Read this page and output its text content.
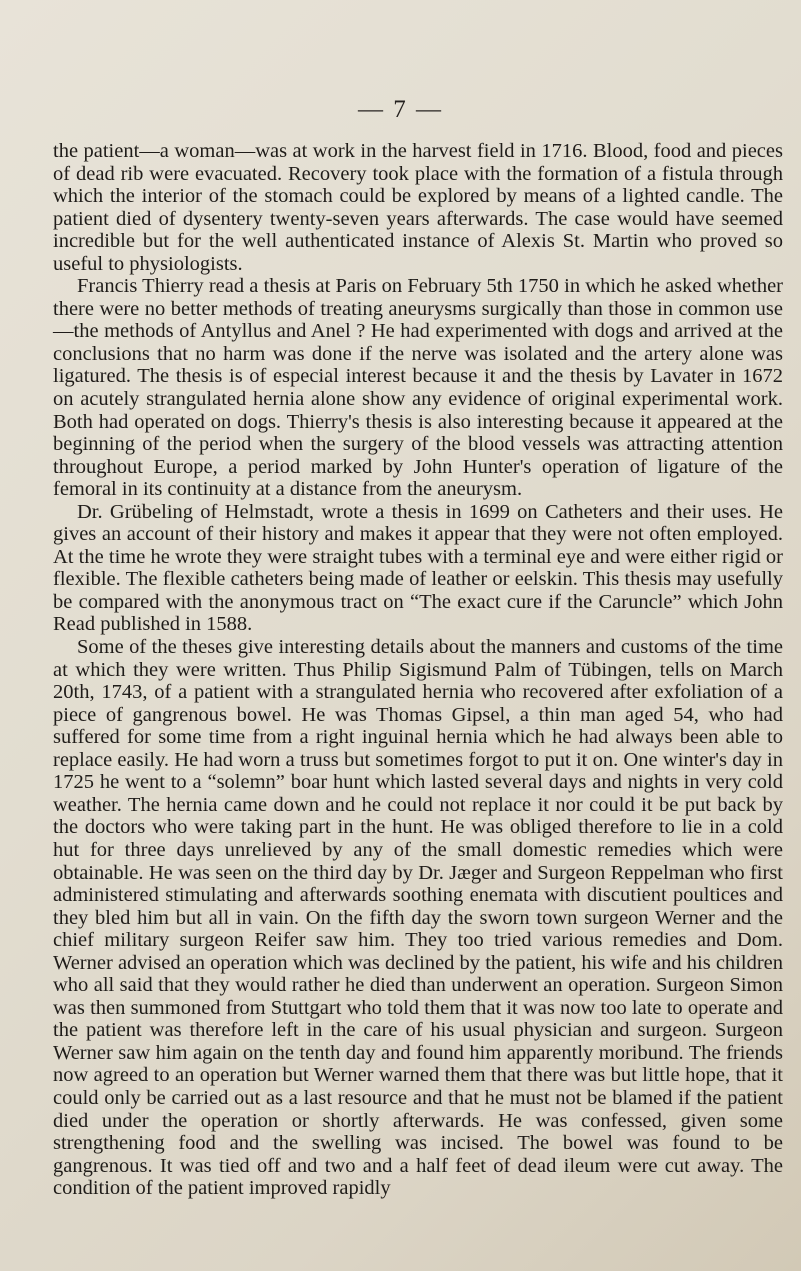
— 7 —

the patient—a woman—was at work in the harvest field in 1716. Blood, food and pieces of dead rib were evacuated. Recovery took place with the formation of a fistula through which the interior of the stomach could be explored by means of a lighted candle. The patient died of dysentery twenty-seven years afterwards. The case would have seemed incredible but for the well authenticated instance of Alexis St. Martin who proved so useful to physiologists.

Francis Thierry read a thesis at Paris on February 5th 1750 in which he asked whether there were no better methods of treating aneurysms surgically than those in common use—the methods of Antyllus and Anel ? He had experimented with dogs and arrived at the conclusions that no harm was done if the nerve was isolated and the artery alone was ligatured. The thesis is of especial interest because it and the thesis by Lavater in 1672 on acutely strangulated hernia alone show any evidence of original experimental work. Both had operated on dogs. Thierry's thesis is also interesting because it appeared at the beginning of the period when the surgery of the blood vessels was attracting attention throughout Europe, a period marked by John Hunter's operation of ligature of the femoral in its continuity at a distance from the aneurysm.

Dr. Grübeling of Helmstadt, wrote a thesis in 1699 on Catheters and their uses. He gives an account of their history and makes it appear that they were not often employed. At the time he wrote they were straight tubes with a terminal eye and were either rigid or flexible. The flexible catheters being made of leather or eelskin. This thesis may usefully be compared with the anonymous tract on “The exact cure if the Caruncle” which John Read published in 1588.

Some of the theses give interesting details about the manners and customs of the time at which they were written. Thus Philip Sigismund Palm of Tübingen, tells on March 20th, 1743, of a patient with a strangulated hernia who recovered after exfoliation of a piece of gangrenous bowel. He was Thomas Gipsel, a thin man aged 54, who had suffered for some time from a right inguinal hernia which he had always been able to replace easily. He had worn a truss but sometimes forgot to put it on. One winter's day in 1725 he went to a “solemn” boar hunt which lasted several days and nights in very cold weather. The hernia came down and he could not replace it nor could it be put back by the doctors who were taking part in the hunt. He was obliged therefore to lie in a cold hut for three days unrelieved by any of the small domestic remedies which were obtainable. He was seen on the third day by Dr. Jæger and Surgeon Reppelman who first administered stimulating and afterwards soothing enemata with discutient poultices and they bled him but all in vain. On the fifth day the sworn town surgeon Werner and the chief military surgeon Reifer saw him. They too tried various remedies and Dom. Werner advised an operation which was declined by the patient, his wife and his children who all said that they would rather he died than underwent an operation. Surgeon Simon was then summoned from Stuttgart who told them that it was now too late to operate and the patient was therefore left in the care of his usual physician and surgeon. Surgeon Werner saw him again on the tenth day and found him apparently moribund. The friends now agreed to an operation but Werner warned them that there was but little hope, that it could only be carried out as a last resource and that he must not be blamed if the patient died under the operation or shortly afterwards. He was confessed, given some strengthening food and the swelling was incised. The bowel was found to be gangrenous. It was tied off and two and a half feet of dead ileum were cut away. The condition of the patient improved rapidly
